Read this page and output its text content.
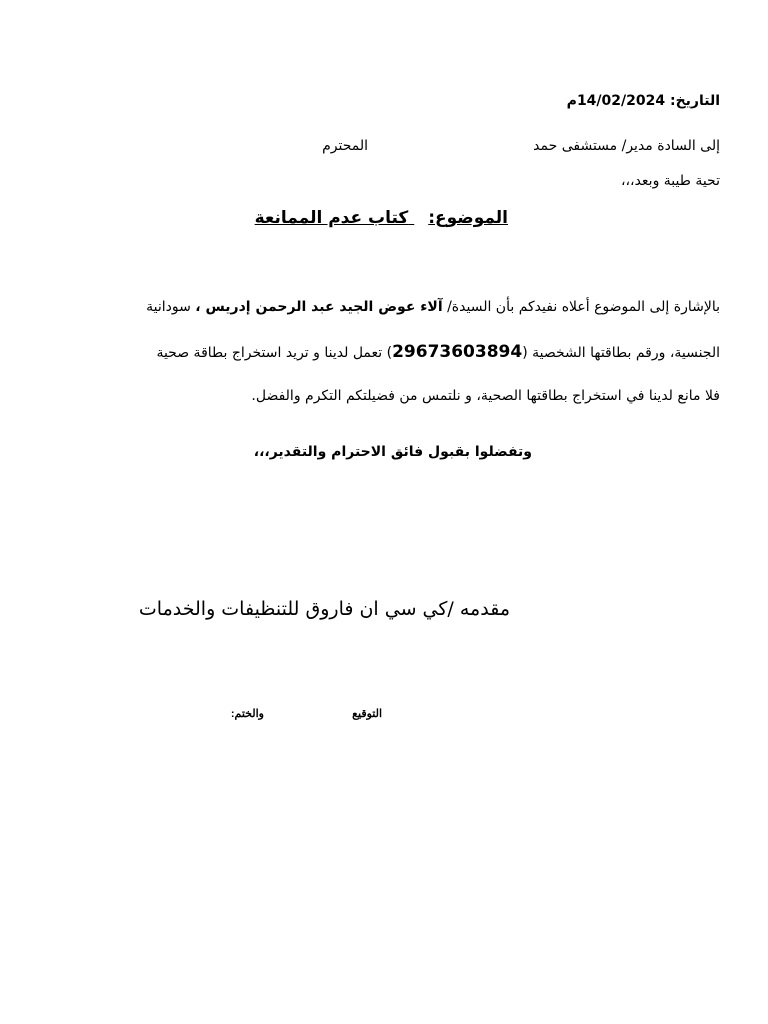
التاريخ: 14/02/2024م
إلى السادة مدير/ مستشفى حمد
المحترم
تحية طيبة وبعد،،،
الموضوع: كتاب عدم الممانعة
بالإشارة إلى الموضوع أعلاه نفيدكم بأن السيدة/ آلاء عوض الجيد عبد الرحمن إدريس ، سودانية
الجنسية، ورقم بطاقتها الشخصية (29673603894) تعمل لدينا و تريد استخراج بطاقة صحية
فلا مانع لدينا في استخراج بطاقتها الصحية، و نلتمس من فضيلتكم التكرم والفضل.
وتفضلوا بقبول فائق الاحترام والتقدير،،،
مقدمه /كي سي ان فاروق للتنظيفات والخدمات
التوقيع
والختم:
